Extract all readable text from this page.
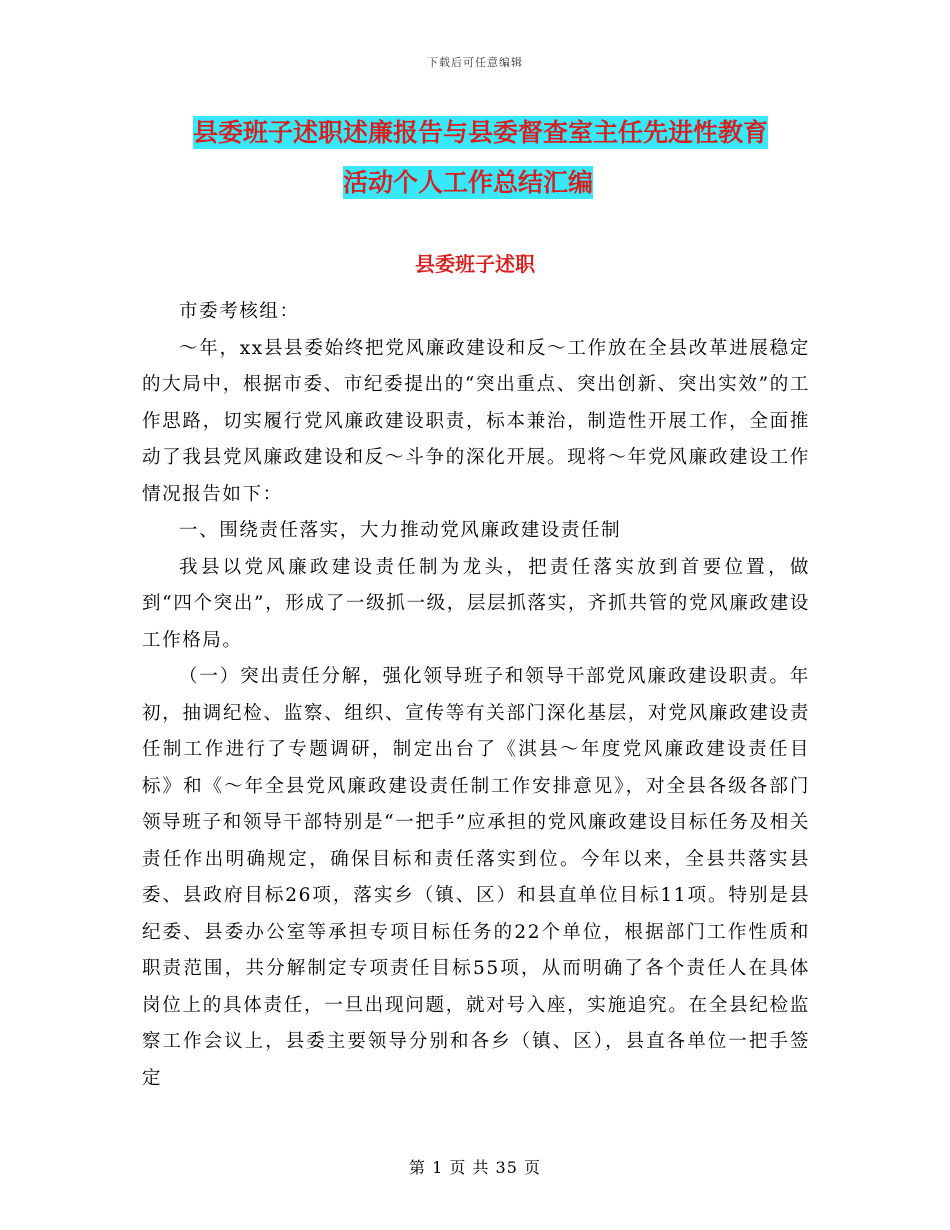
下载后可任意编辑
县委班子述职述廉报告与县委督查室主任先进性教育
活动个人工作总结汇编
县委班子述职

市委考核组：

～年，xx县县委始终把党风廉政建设和反～工作放在全县改革进展稳定的大局中，根据市委、市纪委提出的“突出重点、突出创新、突出实效”的工作思路，切实履行党风廉政建设职责，标本兼治，制造性开展工作，全面推动了我县党风廉政建设和反～斗争的深化开展。现将～年党风廉政建设工作情况报告如下：

一、围绕责任落实，大力推动党风廉政建设责任制

我县以党风廉政建设责任制为龙头，把责任落实放到首要位置，做到“四个突出”，形成了一级抓一级，层层抓落实，齐抓共管的党风廉政建设工作格局。

（一）突出责任分解，强化领导班子和领导干部党风廉政建设职责。年初，抽调纪检、监察、组织、宣传等有关部门深化基层，对党风廉政建设责任制工作进行了专题调研，制定出台了《淇县～年度党风廉政建设责任目标》和《～年全县党风廉政建设责任制工作安排意见》，对全县各级各部门领导班子和领导干部特别是“一把手”应承担的党风廉政建设目标任务及相关责任作出明确规定，确保目标和责任落实到位。今年以来，全县共落实县委、县政府目标26项，落实乡（镇、区）和县直单位目标11项。特别是县纪委、县委办公室等承担专项目标任务的22个单位，根据部门工作性质和职责范围，共分解制定专项责任目标55项，从而明确了各个责任人在具体岗位上的具体责任，一旦出现问题，就对号入座，实施追究。在全县纪检监察工作会议上，县委主要领导分别和各乡（镇、区），县直各单位一把手签定

第 1 页 共 35 页
